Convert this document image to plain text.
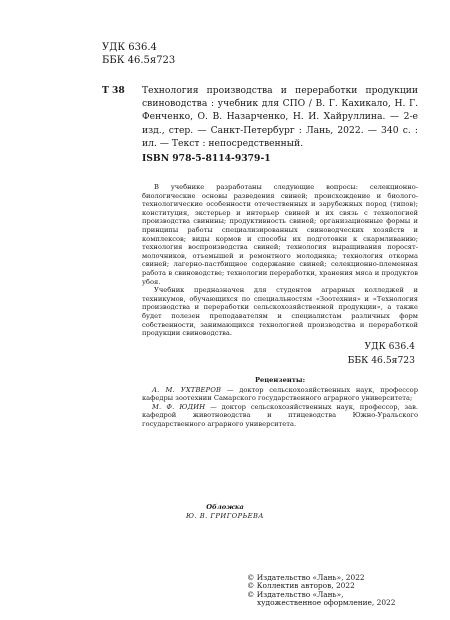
УДК 636.4
ББК 46.5я723
Т 38 Технология производства и переработки продукции свиноводства : учебник для СПО / В. Г. Кахикало, Н. Г. Фенченко, О. В. Назарченко, Н. И. Хайруллина. — 2-е изд., стер. — Санкт-Петербург : Лань, 2022. — 340 с. : ил. — Текст : непосредственный.
ISBN 978-5-8114-9379-1

В учебнике разработаны следующие вопросы: селекционно-биологические основы разведения свиней; происхождение и биолого-технологические особенности отечественных и зарубежных пород (типов); конституция, экстерьер и интерьер свиней и их связь с технологией производства свинины; продуктивность свиней; организационные формы и принципы работы специализированных свиноводческих хозяйств и комплексов; виды кормов и способы их подготовки к скармливанию; технология воспроизводства свиней; технология выращивания поросят-молочников, отъемышей и ремонтного молодняка; технология откорма свиней; лагерно-пастбищное содержание свиней; селекционно-племенная работа в свиноводстве; технологии переработки, хранения мяса и продуктов убоя.

Учебник предназначен для студентов аграрных колледжей и техникумов, обучающихся по специальностям «Зоотехния» и «Технология производства и переработки сельскохозяйственной продукции», а также будет полезен преподавателям и специалистам различных форм собственности, занимающихся технологией производства и переработкой продукции свиноводства.

УДК 636.4
ББК 46.5я723
Рецензенты:

А. М. УХТВЕРОВ — доктор сельскохозяйственных наук, профессор кафедры зоотехнии Самарского государственного аграрного университета;

М. Ф. ЮДИН — доктор сельскохозяйственных наук, профессор, зав. кафедрой животноводства и птицеводства Южно-Уральского государственного аграрного университета.

Обложка
Ю. В. ГРИГОРЬЕВА
© Издательство «Лань», 2022
© Коллектив авторов, 2022
© Издательство «Лань»,
художественное оформление, 2022
